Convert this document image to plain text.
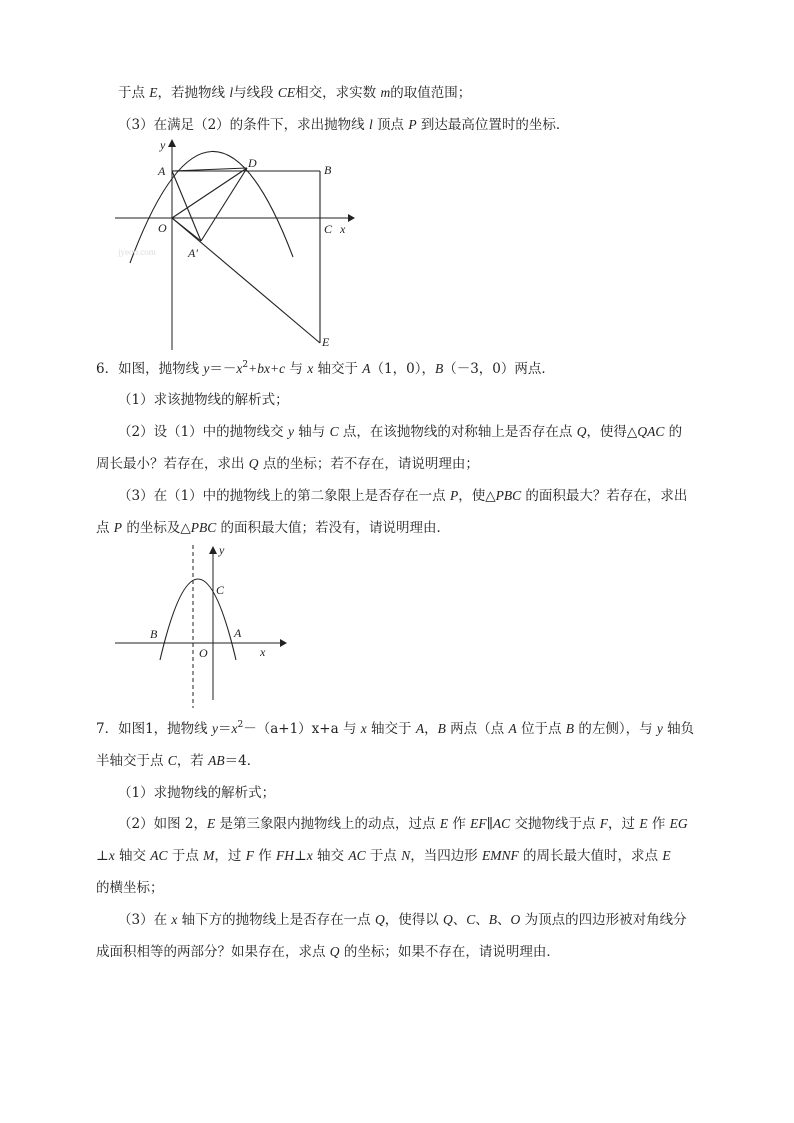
于点 E，若抛物线 l与线段 CE相交，求实数 m的取值范围；
（3）在满足（2）的条件下，求出抛物线 l 顶点 P 到达最高位置时的坐标．
y
A
D	B
O	C x
A′
E
jyeoo.com
6．如图，抛物线 $y=-x^2+bx+c$ 与 x 轴交于 A（1，0），B（－3，0）两点．
（1）求该抛物线的解析式；
（2）设（1）中的抛物线交 y 轴与 C 点，在该抛物线的对称轴上是否存在点 Q，使得△QAC 的
周长最小？若存在，求出 Q 点的坐标；若不存在，请说明理由；
（3）在（1）中的抛物线上的第二象限上是否存在一点 P，使△PBC 的面积最大？若存在，求出
点 P 的坐标及△PBC 的面积最大值；若没有，请说明理由．
y
C
B	A
O	x
7．如图1，抛物线 $y=x^2-(a+1)x+a$ 与 x 轴交于 A，B 两点（点 A 位于点 B 的左侧），与 y 轴负
半轴交于点 C，若 AB＝4．
（1）求抛物线的解析式；
（2）如图 2，E 是第三象限内抛物线上的动点，过点 E 作 EF∥AC 交抛物线于点 F，过 E 作 EG
⊥x 轴交 AC 于点 M，过 F 作 FH⊥x 轴交 AC 于点 N，当四边形 EMNF 的周长最大值时，求点 E
的横坐标；
（3）在 x 轴下方的抛物线上是否存在一点 Q，使得以 Q、C、B、O 为顶点的四边形被对角线分
成面积相等的两部分？如果存在，求点 Q 的坐标；如果不存在，请说明理由．
